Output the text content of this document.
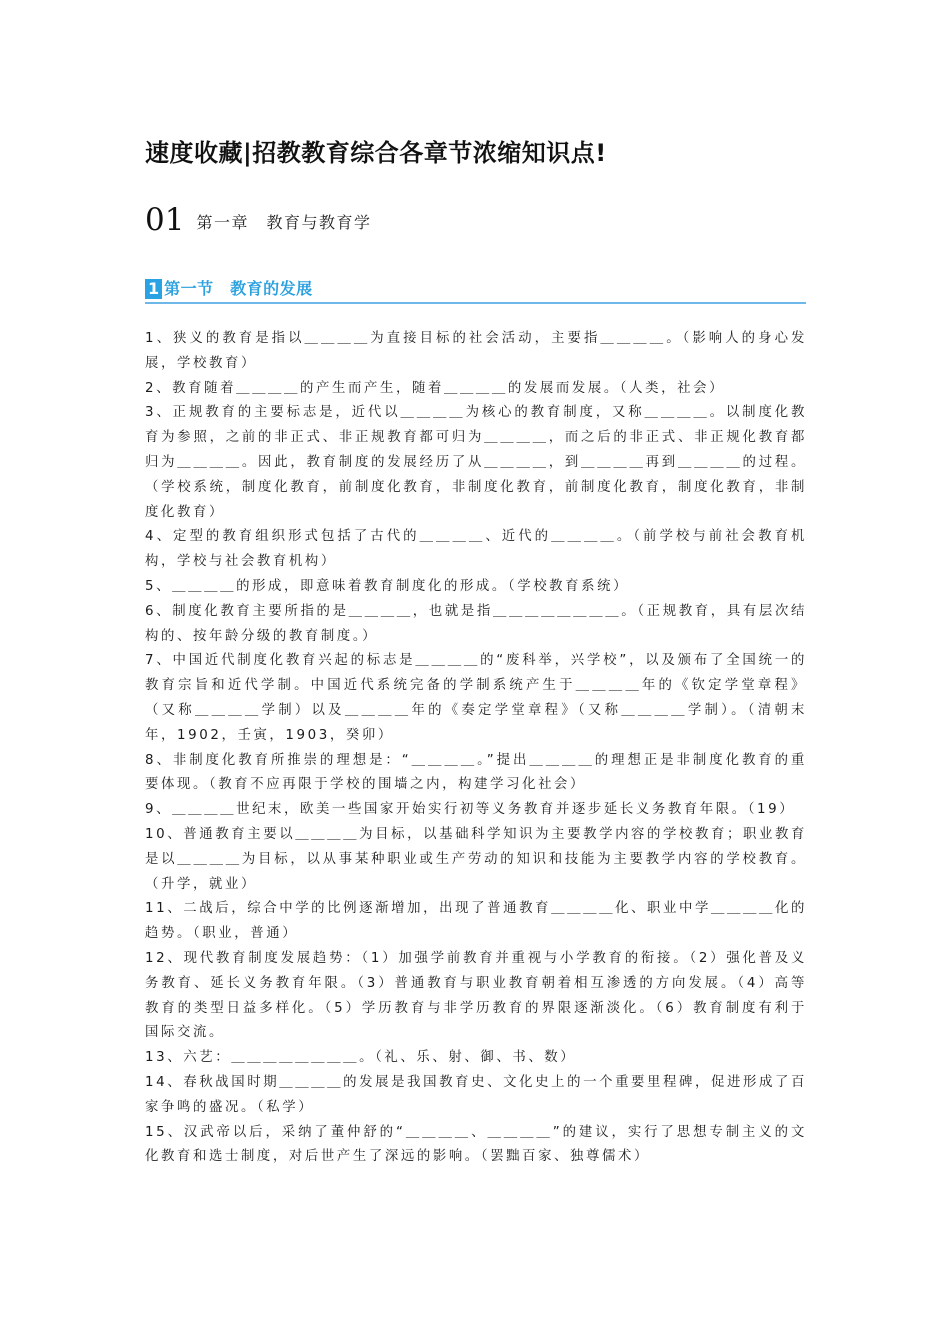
速度收藏|招教教育综合各章节浓缩知识点!
01 第一章　教育与教育学
1 第一节　教育的发展

1、狭义的教育是指以＿＿＿＿为直接目标的社会活动，主要指＿＿＿＿。（影响人的身心发展，学校教育）

2、教育随着＿＿＿＿的产生而产生，随着＿＿＿＿的发展而发展。（人类，社会）

3、正规教育的主要标志是，近代以＿＿＿＿为核心的教育制度，又称＿＿＿＿。以制度化教育为参照，之前的非正式、非正规教育都可归为＿＿＿＿，而之后的非正式、非正规化教育都归为＿＿＿＿。因此，教育制度的发展经历了从＿＿＿＿，到＿＿＿＿再到＿＿＿＿的过程。（学校系统，制度化教育，前制度化教育，非制度化教育，前制度化教育，制度化教育，非制度化教育）

4、定型的教育组织形式包括了古代的＿＿＿＿、近代的＿＿＿＿。（前学校与前社会教育机构，学校与社会教育机构）

5、＿＿＿＿的形成，即意味着教育制度化的形成。（学校教育系统）

6、制度化教育主要所指的是＿＿＿＿，也就是指＿＿＿＿＿＿＿＿。（正规教育，具有层次结构的、按年龄分级的教育制度。）

7、中国近代制度化教育兴起的标志是＿＿＿＿的“废科举，兴学校”，以及颁布了全国统一的教育宗旨和近代学制。中国近代系统完备的学制系统产生于＿＿＿＿年的《钦定学堂章程》（又称＿＿＿＿学制）以及＿＿＿＿年的《奏定学堂章程》（又称＿＿＿＿学制）。（清朝末年，1902，壬寅，1903，癸卯）

8、非制度化教育所推崇的理想是：“＿＿＿＿。”提出＿＿＿＿的理想正是非制度化教育的重要体现。（教育不应再限于学校的围墙之内，构建学习化社会）

9、＿＿＿＿世纪末，欧美一些国家开始实行初等义务教育并逐步延长义务教育年限。（19）

10、普通教育主要以＿＿＿＿为目标，以基础科学知识为主要教学内容的学校教育；职业教育是以＿＿＿＿为目标，以从事某种职业或生产劳动的知识和技能为主要教学内容的学校教育。（升学，就业）

11、二战后，综合中学的比例逐渐增加，出现了普通教育＿＿＿＿化、职业中学＿＿＿＿化的趋势。（职业，普通）

12、现代教育制度发展趋势：（1）加强学前教育并重视与小学教育的衔接。（2）强化普及义务教育、延长义务教育年限。（3）普通教育与职业教育朝着相互渗透的方向发展。（4）高等教育的类型日益多样化。（5）学历教育与非学历教育的界限逐渐淡化。（6）教育制度有利于国际交流。

13、六艺：＿＿＿＿＿＿＿＿。（礼、乐、射、御、书、数）

14、春秋战国时期＿＿＿＿的发展是我国教育史、文化史上的一个重要里程碑，促进形成了百家争鸣的盛况。（私学）

15、汉武帝以后，采纳了董仲舒的“＿＿＿＿、＿＿＿＿”的建议，实行了思想专制主义的文化教育和选士制度，对后世产生了深远的影响。（罢黜百家、独尊儒术）
